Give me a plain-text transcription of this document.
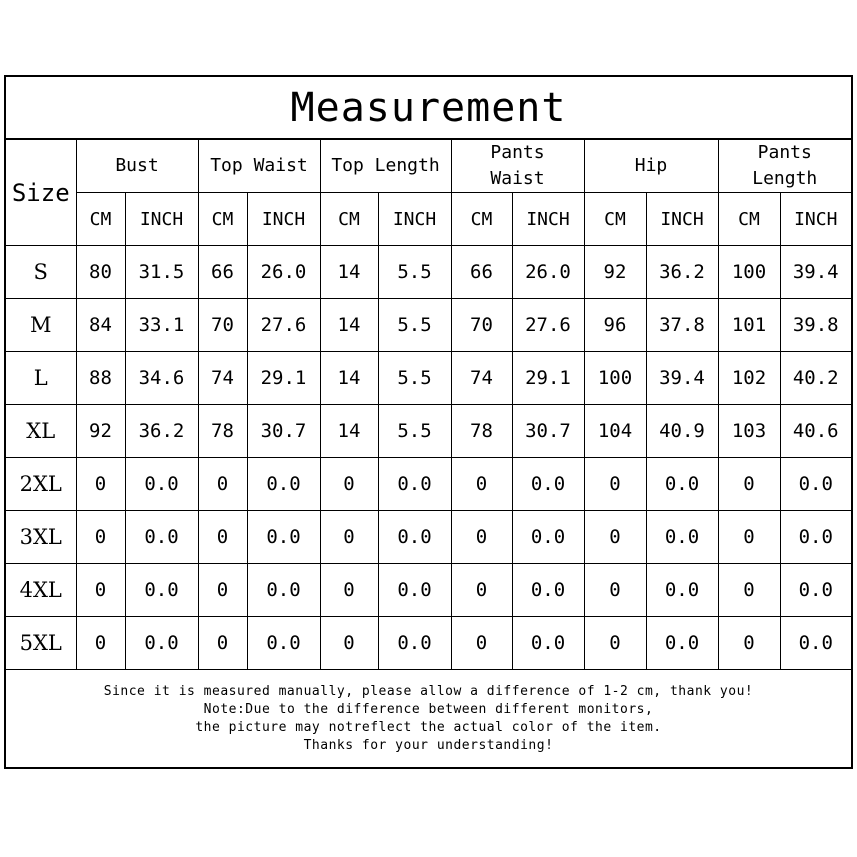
Measurement
Size	Bust		Top Waist		Top Length		Pants Waist		Hip		Pants Length	

	CM	INCH	CM	INCH	CM	INCH	CM	INCH	CM	INCH	CM	INCH
S	80	31.5	66	26.0	14	5.5	66	26.0	92	36.2	100	39.4
M	84	33.1	70	27.6	14	5.5	70	27.6	96	37.8	101	39.8
L	88	34.6	74	29.1	14	5.5	74	29.1	100	39.4	102	40.2
XL	92	36.2	78	30.7	14	5.5	78	30.7	104	40.9	103	40.6
2XL	0	0.0	0	0.0	0	0.0	0	0.0	0	0.0	0	0.0
3XL	0	0.0	0	0.0	0	0.0	0	0.0	0	0.0	0	0.0
4XL	0	0.0	0	0.0	0	0.0	0	0.0	0	0.0	0	0.0
5XL	0	0.0	0	0.0	0	0.0	0	0.0	0	0.0	0	0.0
Since it is measured manually, please allow a difference of 1-2 cm, thank you!
Note:Due to the difference between different monitors,
the picture may notreflect the actual color of the item.
Thanks for your understanding!
